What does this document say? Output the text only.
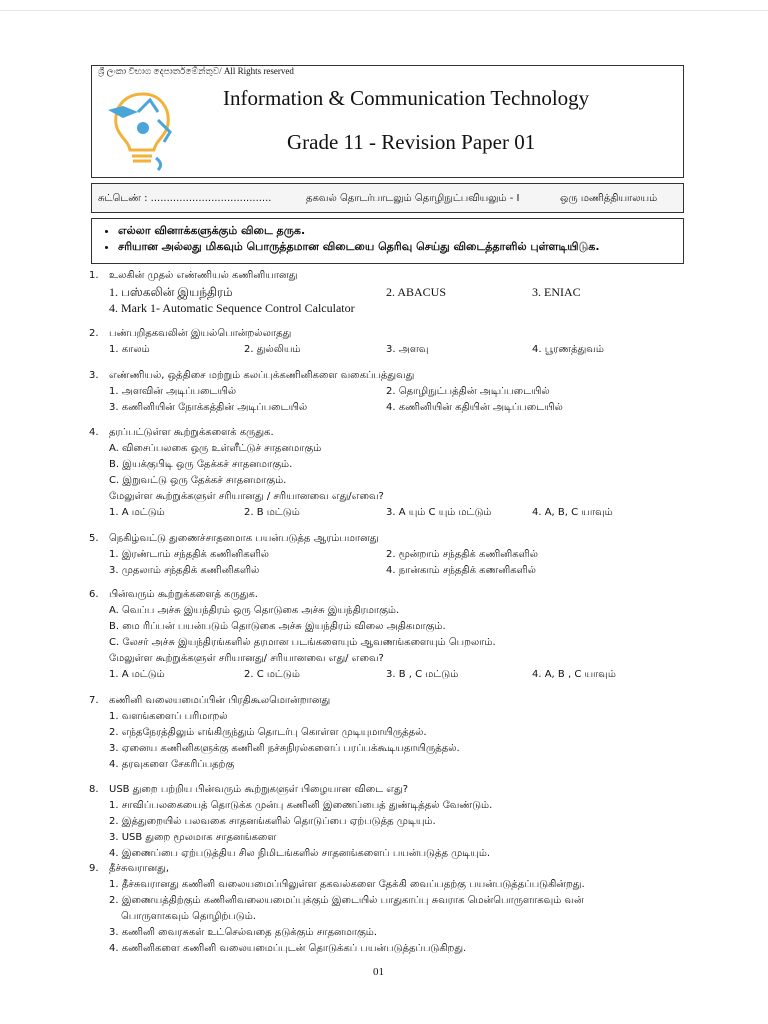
ශ්‍රී ලංකා විභාග දෙපාර්තමේන්තුව/ All Rights reserved
Information & Communication Technology
Grade 11 - Revision Paper 01
சுட்டெண் : ......................................	தகவல் தொடர்பாடலும் தொழிநுட்பவியலும் - I	ஒரு மணித்தியாலயம்
• எல்லா வினாக்களுக்கும் விடை தருக.
• சரியான அல்லது மிகவும் பொருத்தமான விடையை தெரிவு செய்து விடைத்தாளில் புள்ளடியிடுக.
1.	உலகின் முதல் எண்ணியல் கணினியானது
1. பஸ்கலின் இயந்திரம்	2. ABACUS	3. ENIAC
4. Mark 1- Automatic Sequence Control Calculator
2.	பண்பறிதகவலின் இயல்பொன்றல்லாதது
1. காலம்	2. துல்லியம்	3. அளவு	4. பூரணத்துவம்
3.	எண்ணியல், ஒத்திசை மற்றும் கலப்புக்கணினிகளை வகைப்பத்துவது
1. அளவின் அடிப்படையில்	2. தொழிநுட்பத்தின் அடிப்படையில்
3. கணினியின் நோக்கத்தின் அடிப்படையில்	4. கணினியின் கதியின் அடிப்படையில்
4.	தரப்பட்டுள்ள கூற்றுக்களைக் கருதுக.
A. விசைப்பலகை ஒரு உள்ளீட்டுச் சாதனமாகும்
B. இயக்குபிடி ஒரு தேக்கச் சாதனமாகும்.
C. இறுவட்டு ஒரு தேக்கச் சாதனமாகும்.
மேலுள்ள கூற்றுக்களுள் சரியானது / சரியானவை எது/எவை?
1. A மட்டும்	2. B மட்டும்	3. A யும் C யும் மட்டும்	4. A, B, C யாவும்
5.	நெகிழ்வட்டு துணைச்சாதனமாக பயன்படுத்த ஆரம்பமானது
1. இரண்டாம் சந்ததிக் கணினிகளில்	2. மூன்றாம் சந்ததிக் கணினிகளில்
3. முதலாம் சந்ததிக் கணினிகளில்	4. நான்காம் சந்ததிக் கணனிகளில்
6.	பின்வரும் கூற்றுக்களைத் கருதுக.
A. வெப்ப அச்சு இயந்திரம் ஒரு தொடுகை அச்சு இயந்திரமாகும்.
B. மை ரிப்பன் பயன்படும் தொடுகை அச்சு இயந்திரம் விலை அதிகமாகும்.
C. லேசர் அச்சு இயந்திரங்களில் தரமான படங்களையும் ஆவணங்களையும் பெறலாம்.
மேலுள்ள கூற்றுக்களுள் சரியானது/ சரியானவை எது/ எவை?
1. A மட்டும்	2. C மட்டும்	3. B , C மட்டும்	4. A, B , C யாவும்
7.	கணினி வலையமைப்பின் பிரதிகூலமொன்றானது
1. வளங்களைப் பரிமாறல்
2. எந்தநேரத்திலும் எங்கிருந்தும் தொடர்பு கொள்ள முடியுமாயிருத்தல்.
3. ஏனைய கணினிகளுக்கு கணினி நச்சுநிரல்களைப் பரப்பக்கூடியதாயிருத்தல்.
4. தரவுகளை சேகரிப்பதற்கு
8.	USB துறை பற்றிய பின்வரும் கூற்றுகளுள் பிழையான விடை எது?
1. சாவிப்பலகையைத் தொடுக்க முன்பு கணினி இணைப்பைத் துண்டித்தல் வேண்டும்.
2. இத்துறையில் பலவகை சாதனங்களில் தொடுப்பை ஏற்படுத்த முடியும்.
3. USB துறை மூலமாக சாதனங்களை
4. இணைப்பை ஏற்படுத்திய சில நிமிடங்களில் சாதனங்களைப் பயன்படுத்த முடியும்.
9.	தீச்சுவரானது,
1. தீச்சுவரானது கணினி வலையமைப்பிலுள்ள தகவல்களை தேக்கி வைப்பதற்கு பயன்படுத்தப்படுகின்றது.
2. இணையத்திற்கும் கணினிவலையமைப்புக்கும் இடையில் பாதுகாப்பு சுவராக மென்பொருளாகவும் வன்
பொருளாகவும் தொழிற்படும்.
3. கணினி வைரசுகள் உட்செல்வதை தடுக்கும் சாதனமாகும்.
4. கணினிகளை கணினி வலையமைப்புடன் தொடுக்கப் பயன்படுத்தப்படுகிறது.
01
